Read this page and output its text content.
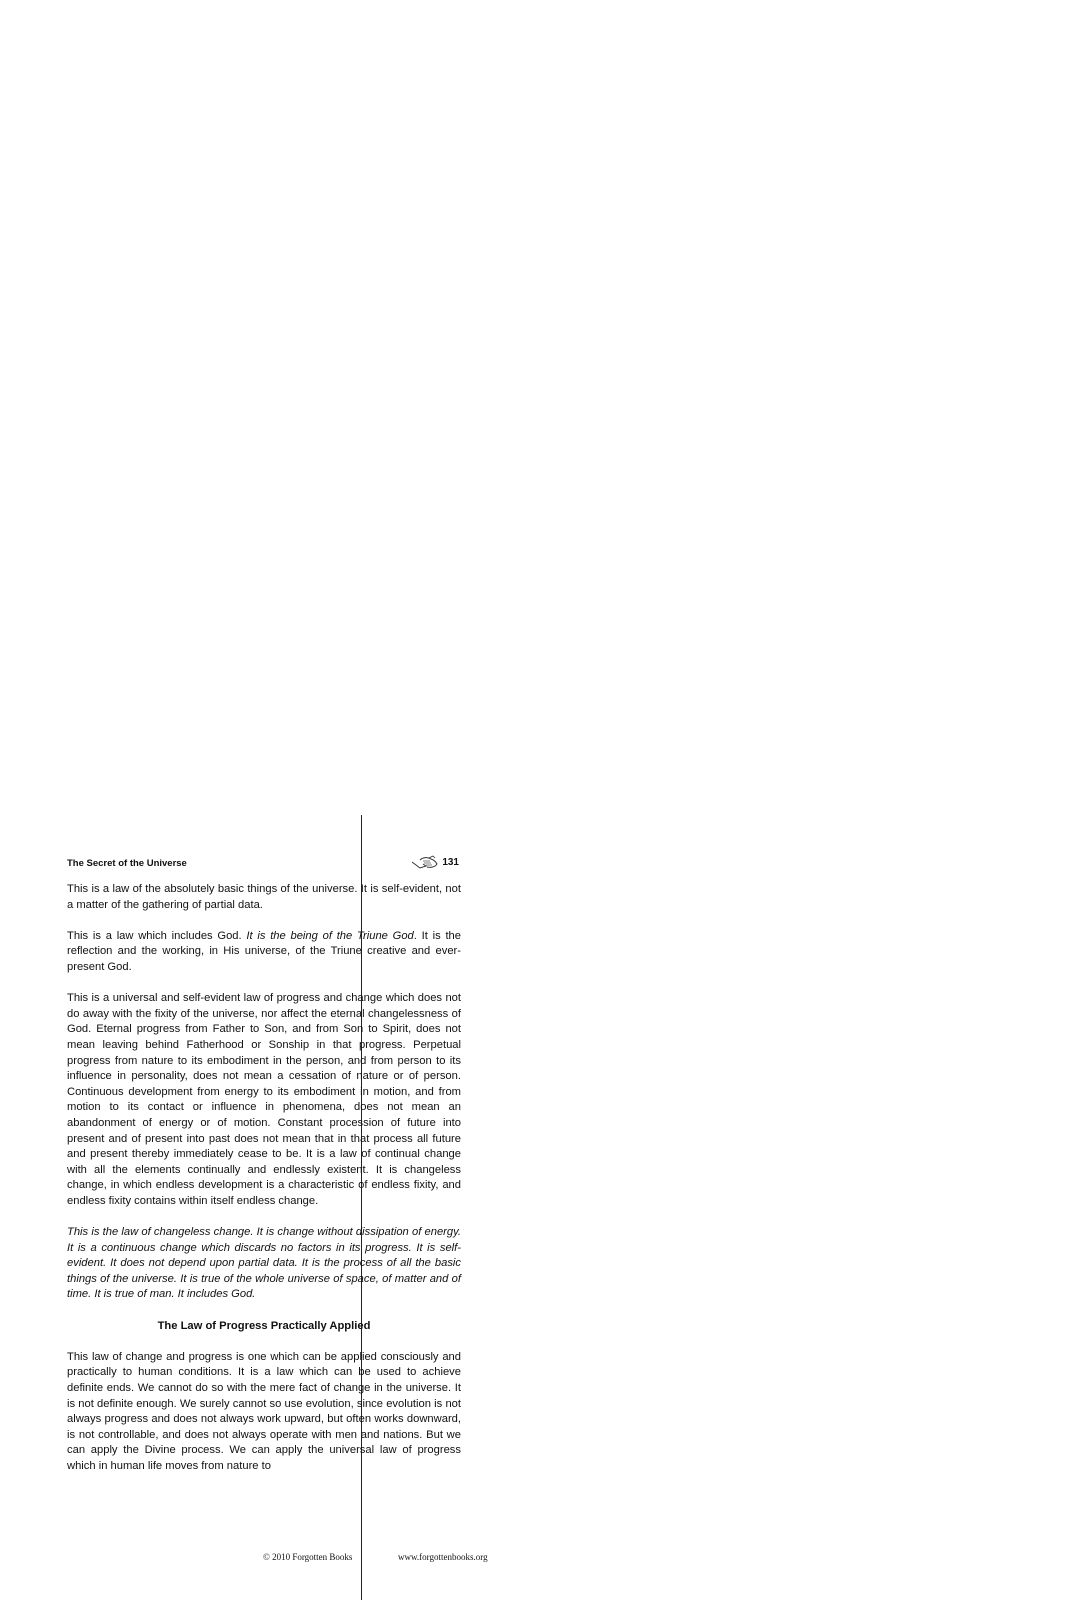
The Secret of the Universe	131

This is a law of the absolutely basic things of the universe. It is self-evident, not a matter of the gathering of partial data.

This is a law which includes God. It is the being of the Triune God. It is the reflection and the working, in His universe, of the Triune creative and ever-present God.

This is a universal and self-evident law of progress and change which does not do away with the fixity of the universe, nor affect the eternal changelessness of God. Eternal progress from Father to Son, and from Son to Spirit, does not mean leaving behind Fatherhood or Sonship in that progress. Perpetual progress from nature to its embodiment in the person, and from person to its influence in personality, does not mean a cessation of nature or of person. Continuous development from energy to its embodiment in motion, and from motion to its contact or influence in phenomena, does not mean an abandonment of energy or of motion. Constant procession of future into present and of present into past does not mean that in that process all future and present thereby immediately cease to be. It is a law of continual change with all the elements continually and endlessly existent. It is changeless change, in which endless development is a characteristic of endless fixity, and endless fixity contains within itself endless change.

This is the law of changeless change. It is change without dissipation of energy. It is a continuous change which discards no factors in its progress. It is self-evident. It does not depend upon partial data. It is the process of all the basic things of the universe. It is true of the whole universe of space, of matter and of time. It is true of man. It includes God.

The Law of Progress Practically Applied

This law of change and progress is one which can be applied consciously and practically to human conditions. It is a law which can be used to achieve definite ends. We cannot do so with the mere fact of change in the universe. It is not definite enough. We surely cannot so use evolution, since evolution is not always progress and does not always work upward, but often works downward, is not controllable, and does not always operate with men and nations. But we can apply the Divine process. We can apply the universal law of progress which in human life moves from nature to

© 2010 Forgotten Books	www.forgottenbooks.org
